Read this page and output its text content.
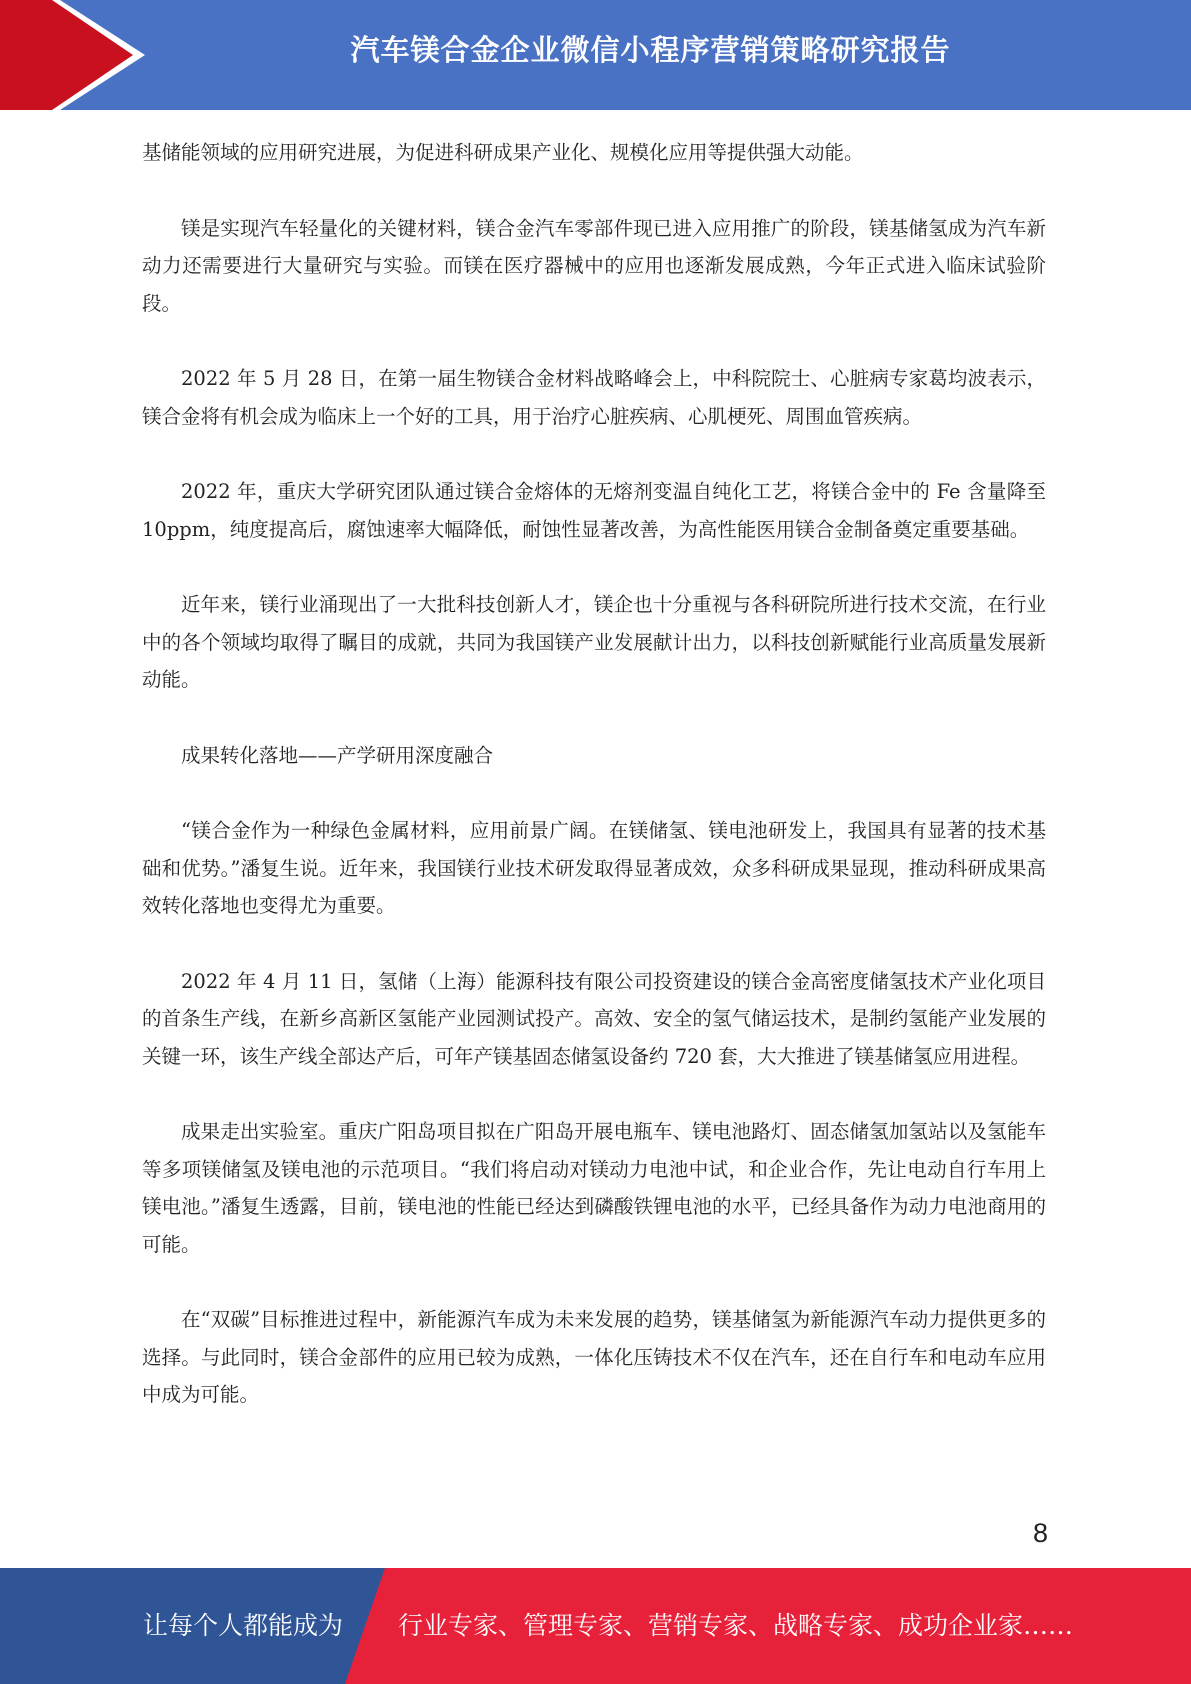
汽车镁合金企业微信小程序营销策略研究报告

基储能领域的应用研究进展，为促进科研成果产业化、规模化应用等提供强大动能。

镁是实现汽车轻量化的关键材料，镁合金汽车零部件现已进入应用推广的阶段，镁基储氢成为汽车新动力还需要进行大量研究与实验。而镁在医疗器械中的应用也逐渐发展成熟，今年正式进入临床试验阶段。

2022 年 5 月 28 日，在第一届生物镁合金材料战略峰会上，中科院院士、心脏病专家葛均波表示，镁合金将有机会成为临床上一个好的工具，用于治疗心脏疾病、心肌梗死、周围血管疾病。

2022 年，重庆大学研究团队通过镁合金熔体的无熔剂变温自纯化工艺，将镁合金中的 Fe 含量降至 10ppm，纯度提高后，腐蚀速率大幅降低，耐蚀性显著改善，为高性能医用镁合金制备奠定重要基础。

近年来，镁行业涌现出了一大批科技创新人才，镁企也十分重视与各科研院所进行技术交流，在行业中的各个领域均取得了瞩目的成就，共同为我国镁产业发展献计出力，以科技创新赋能行业高质量发展新动能。

成果转化落地——产学研用深度融合

“镁合金作为一种绿色金属材料，应用前景广阔。在镁储氢、镁电池研发上，我国具有显著的技术基础和优势。”潘复生说。近年来，我国镁行业技术研发取得显著成效，众多科研成果显现，推动科研成果高效转化落地也变得尤为重要。

2022 年 4 月 11 日，氢储（上海）能源科技有限公司投资建设的镁合金高密度储氢技术产业化项目的首条生产线，在新乡高新区氢能产业园测试投产。高效、安全的氢气储运技术，是制约氢能产业发展的关键一环，该生产线全部达产后，可年产镁基固态储氢设备约 720 套，大大推进了镁基储氢应用进程。

成果走出实验室。重庆广阳岛项目拟在广阳岛开展电瓶车、镁电池路灯、固态储氢加氢站以及氢能车等多项镁储氢及镁电池的示范项目。“我们将启动对镁动力电池中试，和企业合作，先让电动自行车用上镁电池。”潘复生透露，目前，镁电池的性能已经达到磷酸铁锂电池的水平，已经具备作为动力电池商用的可能。

在“双碳”目标推进过程中，新能源汽车成为未来发展的趋势，镁基储氢为新能源汽车动力提供更多的选择。与此同时，镁合金部件的应用已较为成熟，一体化压铸技术不仅在汽车，还在自行车和电动车应用中成为可能。

8
让每个人都能成为 行业专家、管理专家、营销专家、战略专家、成功企业家……
